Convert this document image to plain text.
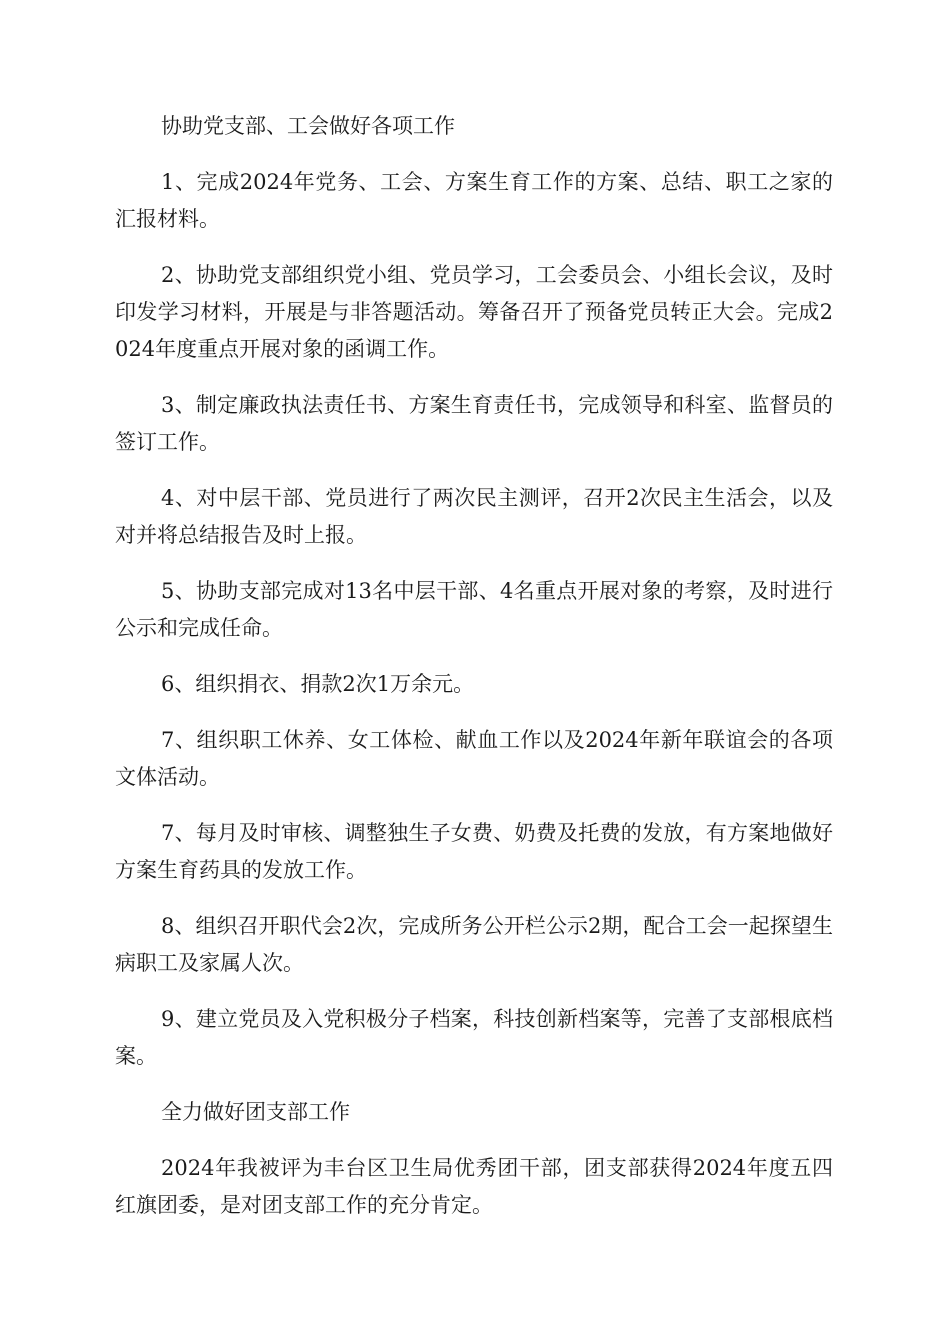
协助党支部、工会做好各项工作

1、完成2024年党务、工会、方案生育工作的方案、总结、职工之家的汇报材料。

2、协助党支部组织党小组、党员学习，工会委员会、小组长会议，及时印发学习材料，开展是与非答题活动。筹备召开了预备党员转正大会。完成2024年度重点开展对象的函调工作。

3、制定廉政执法责任书、方案生育责任书，完成领导和科室、监督员的签订工作。

4、对中层干部、党员进行了两次民主测评，召开2次民主生活会，以及对并将总结报告及时上报。

5、协助支部完成对13名中层干部、4名重点开展对象的考察，及时进行公示和完成任命。

6、组织捐衣、捐款2次1万余元。

7、组织职工休养、女工体检、献血工作以及2024年新年联谊会的各项文体活动。

7、每月及时审核、调整独生子女费、奶费及托费的发放，有方案地做好方案生育药具的发放工作。

8、组织召开职代会2次，完成所务公开栏公示2期，配合工会一起探望生病职工及家属人次。

9、建立党员及入党积极分子档案，科技创新档案等，完善了支部根底档案。

全力做好团支部工作

2024年我被评为丰台区卫生局优秀团干部，团支部获得2024年度五四红旗团委，是对团支部工作的充分肯定。
